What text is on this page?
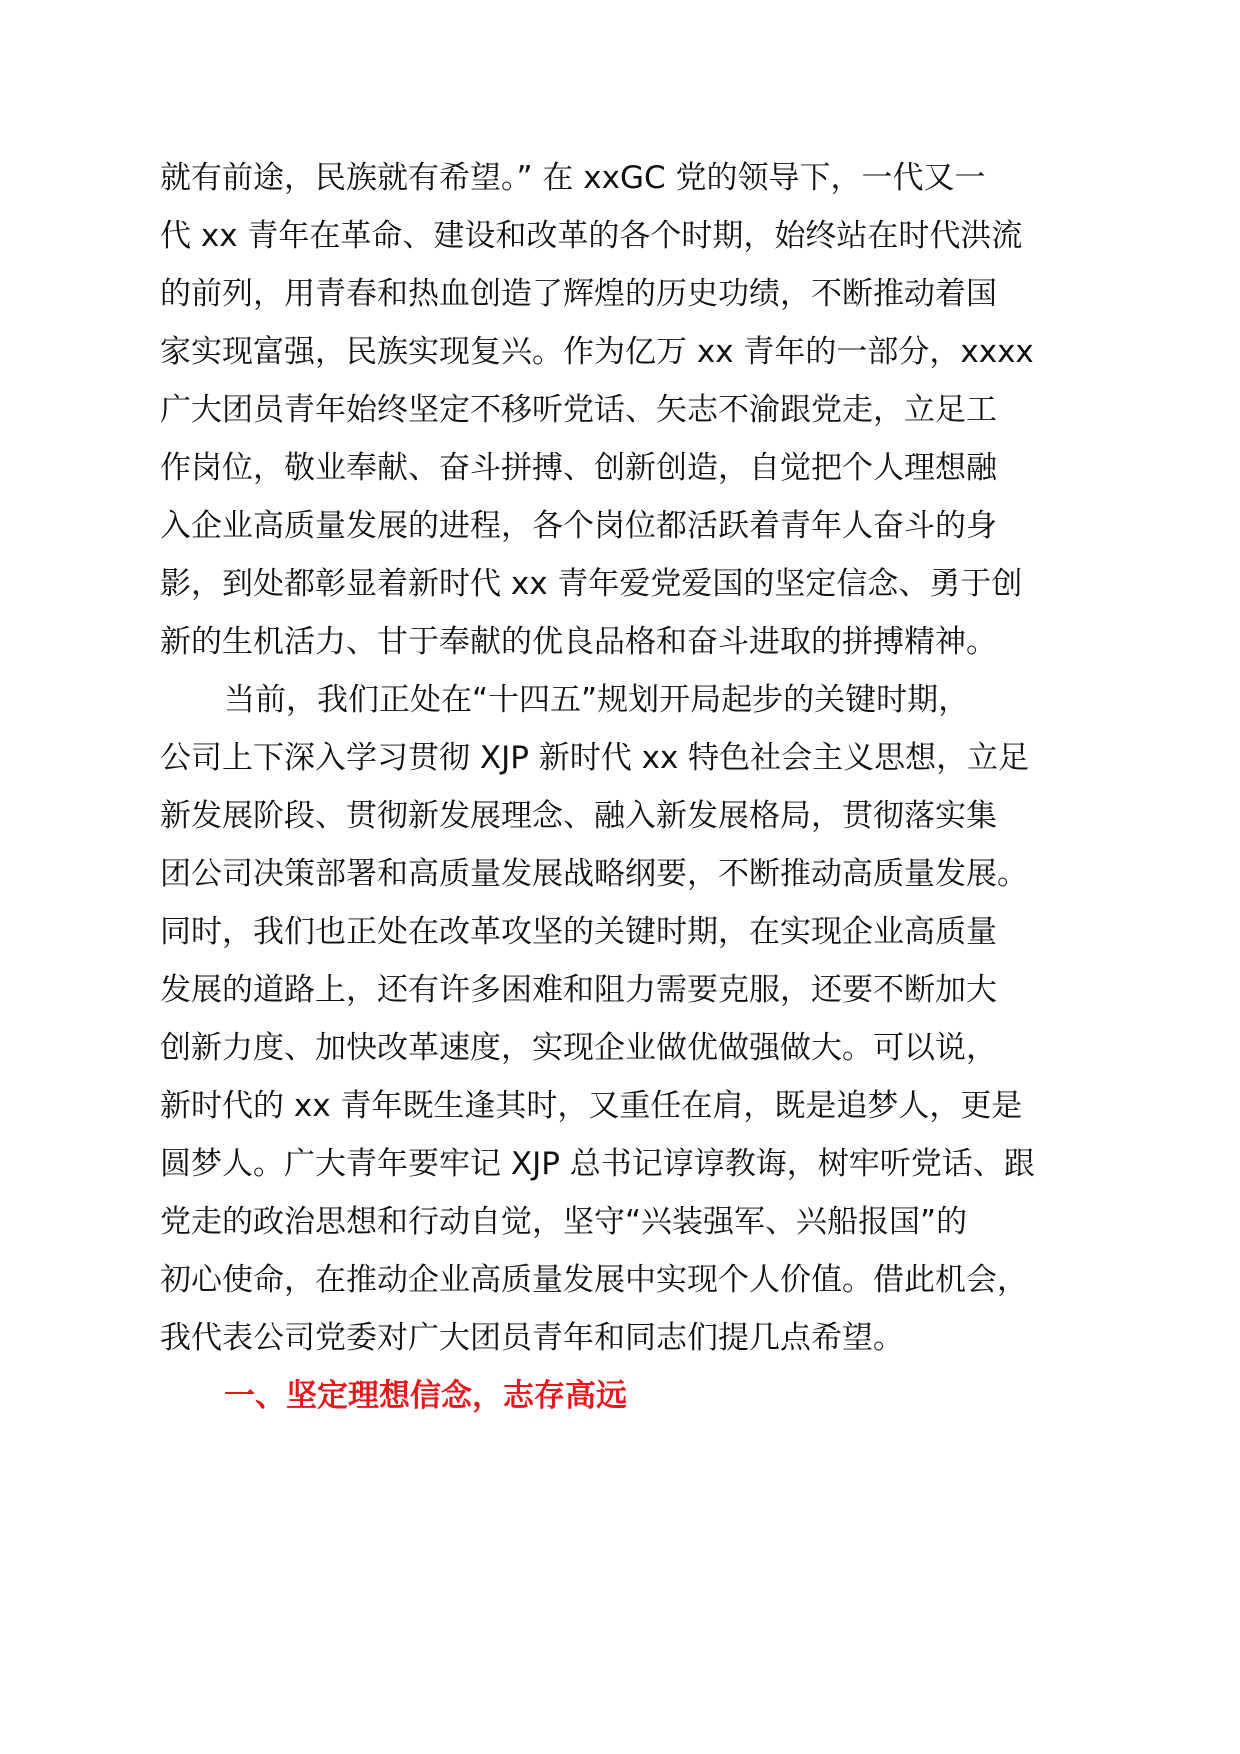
就有前途，民族就有希望。” 在 xxGC 党的领导下，一代又一
代 xx 青年在革命、建设和改革的各个时期，始终站在时代洪流
的前列，用青春和热血创造了辉煌的历史功绩，不断推动着国
家实现富强，民族实现复兴。作为亿万 xx 青年的一部分，xxxx
广大团员青年始终坚定不移听党话、矢志不渝跟党走，立足工
作岗位，敬业奉献、奋斗拼搏、创新创造，自觉把个人理想融
入企业高质量发展的进程，各个岗位都活跃着青年人奋斗的身
影，到处都彰显着新时代 xx 青年爱党爱国的坚定信念、勇于创
新的生机活力、甘于奉献的优良品格和奋斗进取的拼搏精神。
当前，我们正处在“十四五”规划开局起步的关键时期，
公司上下深入学习贯彻 XJP 新时代 xx 特色社会主义思想，立足
新发展阶段、贯彻新发展理念、融入新发展格局，贯彻落实集
团公司决策部署和高质量发展战略纲要，不断推动高质量发展。
同时，我们也正处在改革攻坚的关键时期，在实现企业高质量
发展的道路上，还有许多困难和阻力需要克服，还要不断加大
创新力度、加快改革速度，实现企业做优做强做大。可以说，
新时代的 xx 青年既生逢其时，又重任在肩，既是追梦人，更是
圆梦人。广大青年要牢记 XJP 总书记谆谆教诲，树牢听党话、跟
党走的政治思想和行动自觉，坚守“兴装强军、兴船报国”的
初心使命，在推动企业高质量发展中实现个人价值。借此机会，
我代表公司党委对广大团员青年和同志们提几点希望。
一、坚定理想信念，志存高远
